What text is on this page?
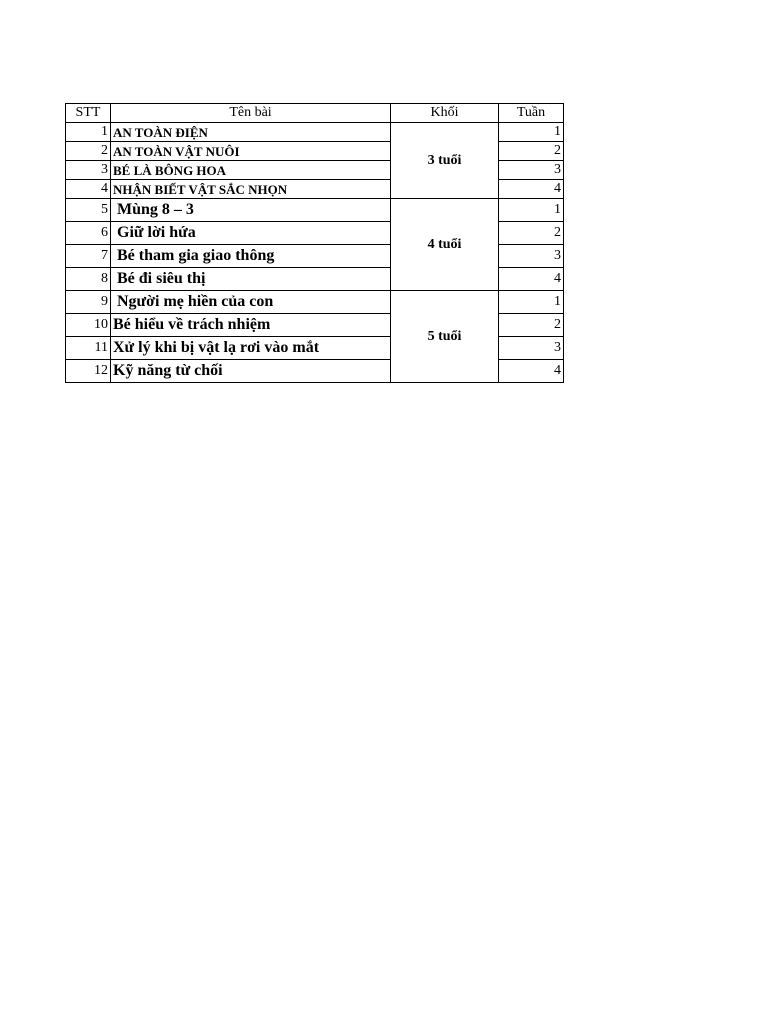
STT	Tên bài	Khối	Tuần
1	AN TOÀN ĐIỆN	3 tuổi	1
2	AN TOÀN VẬT NUÔI		2
3	BÉ LÀ BÔNG HOA		3
4	NHẬN BIẾT VẬT SẮC NHỌN		4
5	Mùng 8 – 3	4 tuổi	1
6	Giữ lời hứa		2
7	Bé tham gia giao thông		3
8	Bé đi siêu thị		4
9	Người mẹ hiền của con	5 tuổi	1
10	Bé hiểu về trách nhiệm		2
11	Xử lý khi bị vật lạ rơi vào mắt		3
12	Kỹ năng từ chối		4
